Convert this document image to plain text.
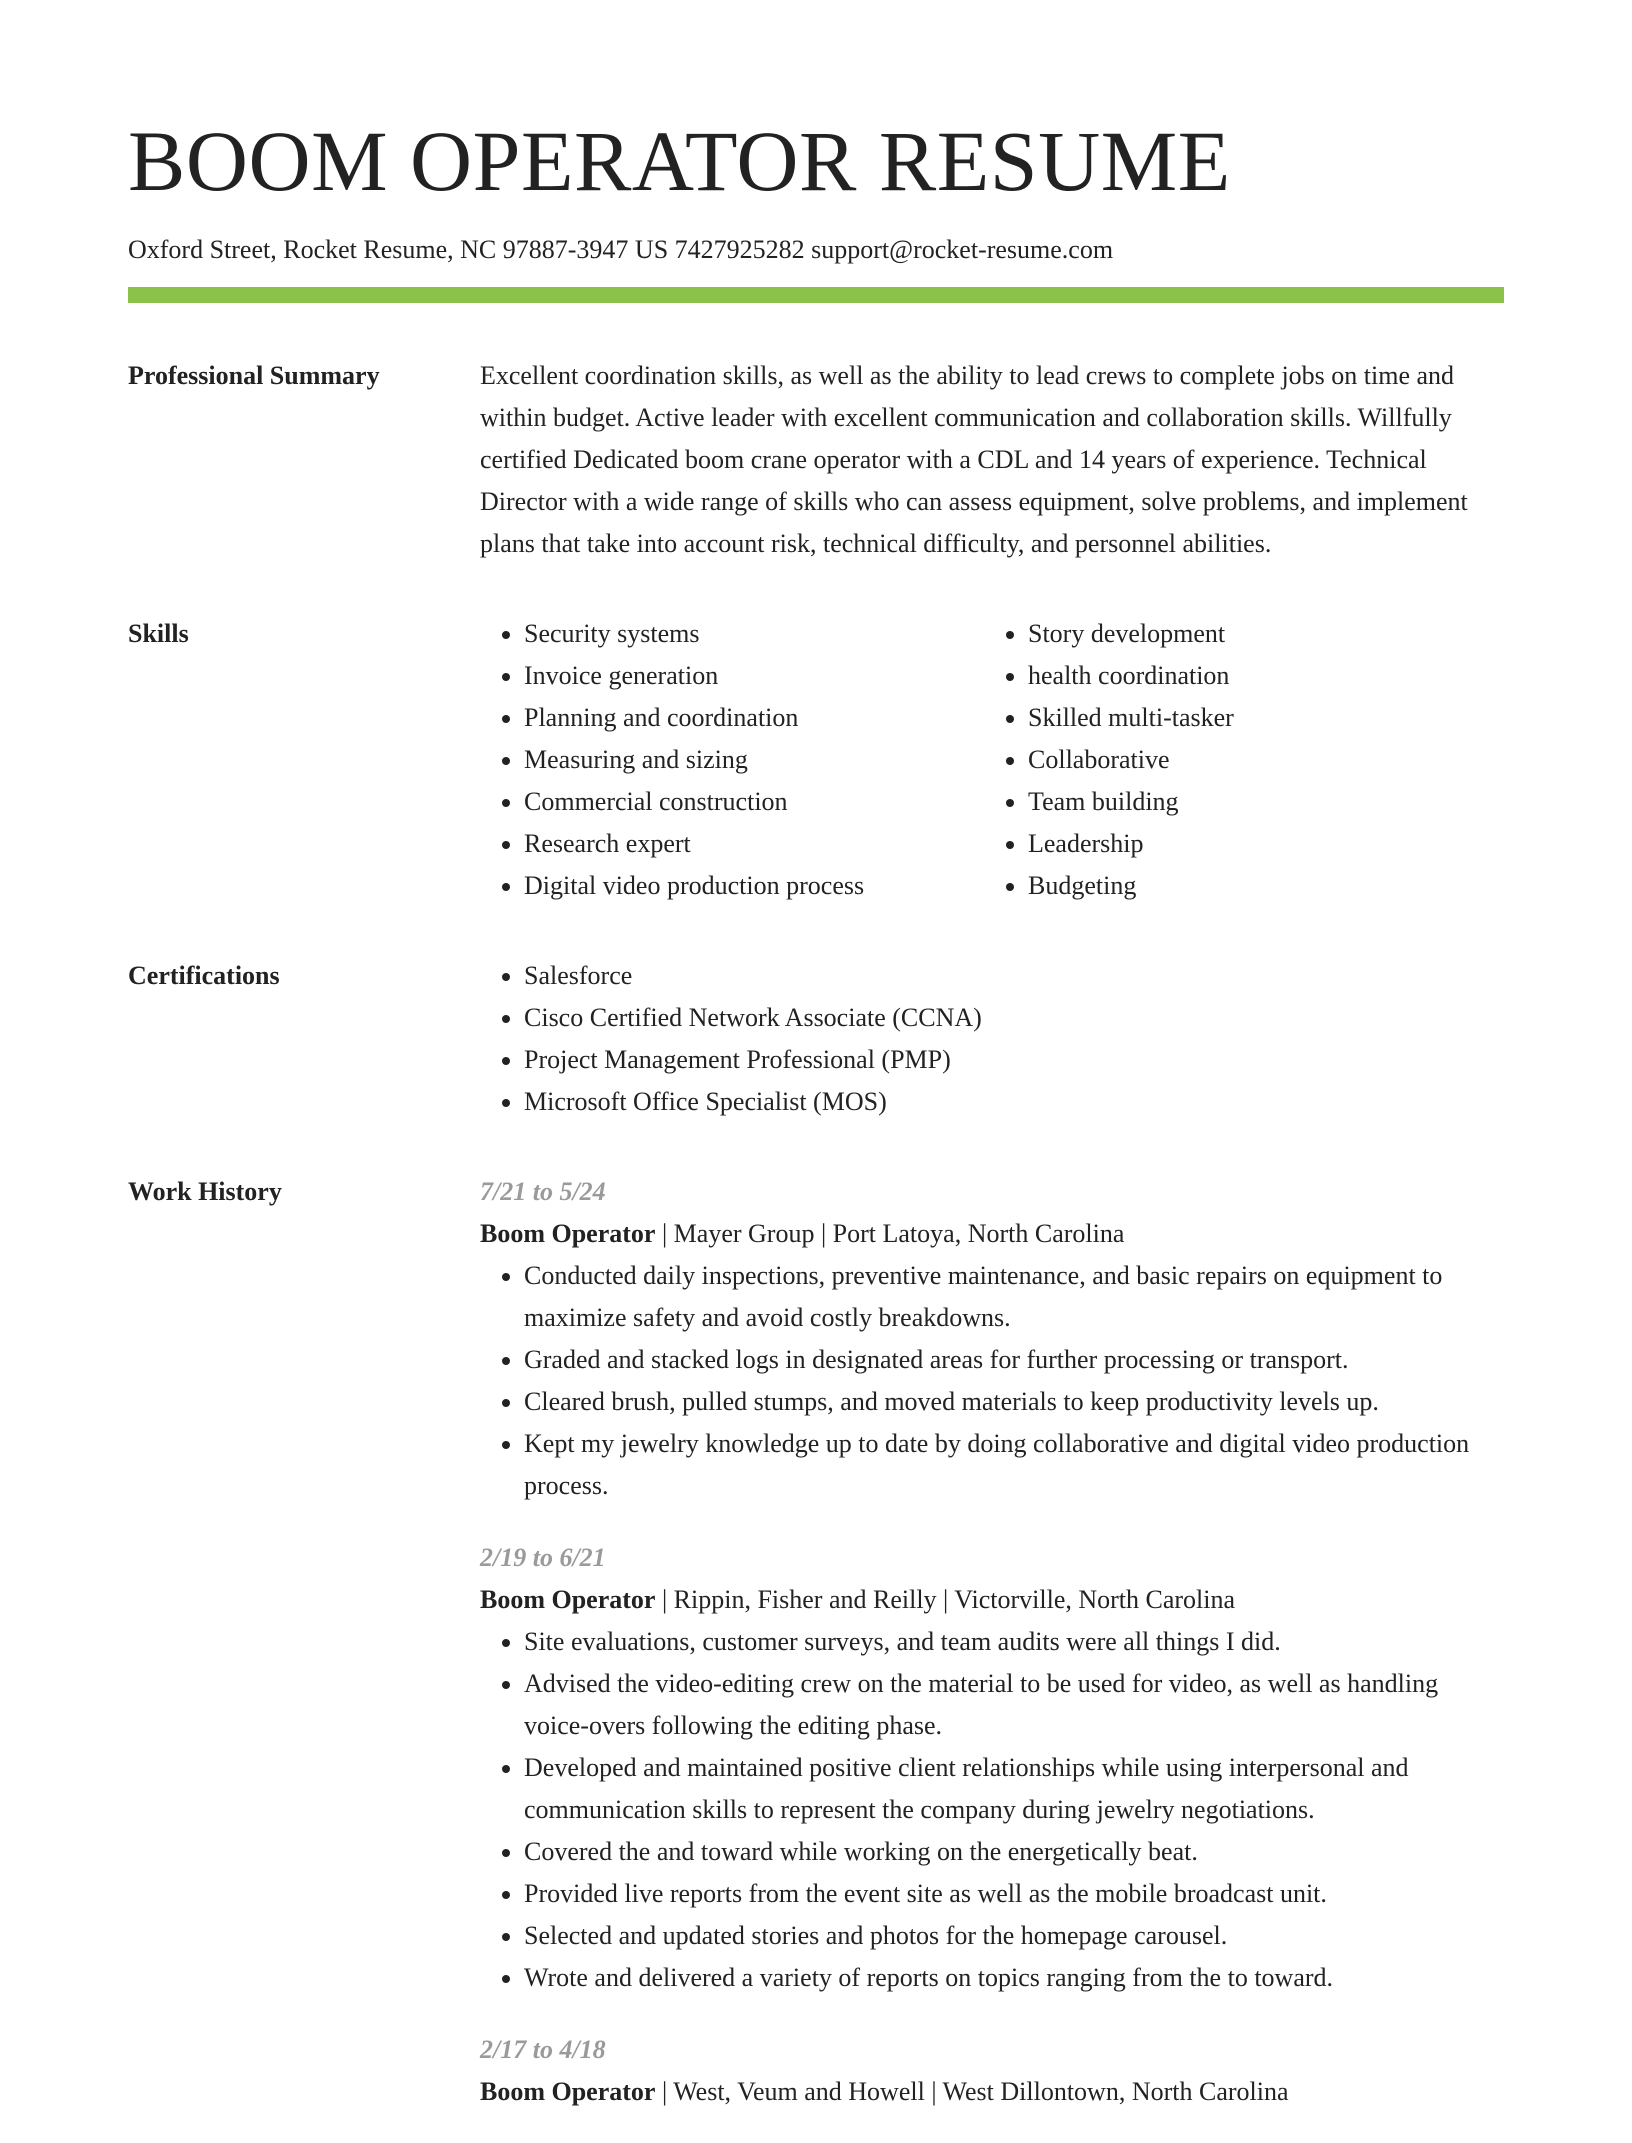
BOOM OPERATOR RESUME
Oxford Street, Rocket Resume, NC 97887-3947 US 7427925282 support@rocket-resume.com
Professional Summary	Excellent coordination skills, as well as the ability to lead crews to complete jobs on time and within budget. Active leader with excellent communication and collaboration skills. Willfully certified Dedicated boom crane operator with a CDL and 14 years of experience. Technical Director with a wide range of skills who can assess equipment, solve problems, and implement plans that take into account risk, technical difficulty, and personnel abilities.

Skills	• Security systems
• Invoice generation
• Planning and coordination
• Measuring and sizing
• Commercial construction
• Research expert
• Digital video production process
• Story development
• health coordination
• Skilled multi-tasker
• Collaborative
• Team building
• Leadership
• Budgeting
Certifications	• Salesforce
• Cisco Certified Network Associate (CCNA)
• Project Management Professional (PMP)
• Microsoft Office Specialist (MOS)
Work History	7/21 to 5/24
Boom Operator | Mayer Group | Port Latoya, North Carolina
• Conducted daily inspections, preventive maintenance, and basic repairs on equipment to maximize safety and avoid costly breakdowns.
• Graded and stacked logs in designated areas for further processing or transport.
• Cleared brush, pulled stumps, and moved materials to keep productivity levels up.
• Kept my jewelry knowledge up to date by doing collaborative and digital video production process.
2/19 to 6/21
Boom Operator | Rippin, Fisher and Reilly | Victorville, North Carolina
• Site evaluations, customer surveys, and team audits were all things I did.
• Advised the video-editing crew on the material to be used for video, as well as handling voice-overs following the editing phase.
• Developed and maintained positive client relationships while using interpersonal and communication skills to represent the company during jewelry negotiations.
• Covered the and toward while working on the energetically beat.
• Provided live reports from the event site as well as the mobile broadcast unit.
• Selected and updated stories and photos for the homepage carousel.
• Wrote and delivered a variety of reports on topics ranging from the to toward.
2/17 to 4/18
Boom Operator | West, Veum and Howell | West Dillontown, North Carolina
